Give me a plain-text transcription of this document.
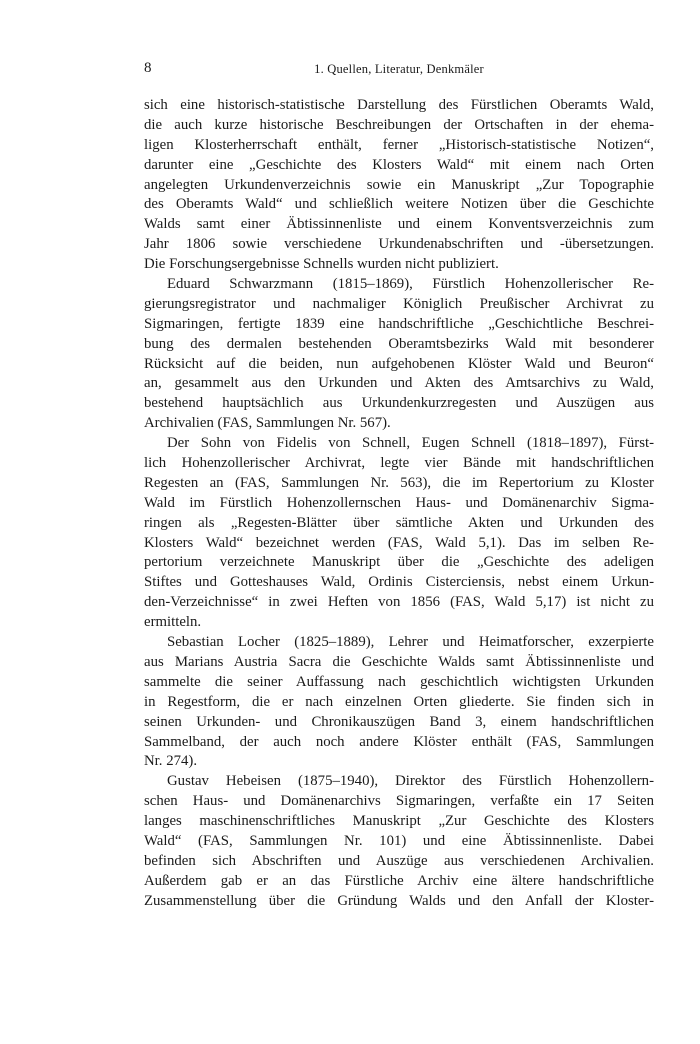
8	1. Quellen, Literatur, Denkmäler
sich eine historisch-statistische Darstellung des Fürstlichen Oberamts Wald,
die auch kurze historische Beschreibungen der Ortschaften in der ehema-
ligen Klosterherrschaft enthält, ferner „Historisch-statistische Notizen“,
darunter eine „Geschichte des Klosters Wald“ mit einem nach Orten
angelegten Urkundenverzeichnis sowie ein Manuskript „Zur Topographie
des Oberamts Wald“ und schließlich weitere Notizen über die Geschichte
Walds samt einer Äbtissinnenliste und einem Konventsverzeichnis zum
Jahr 1806 sowie verschiedene Urkundenabschriften und -übersetzungen.
Die Forschungsergebnisse Schnells wurden nicht publiziert.
Eduard Schwarzmann (1815–1869), Fürstlich Hohenzollerischer Re-
gierungsregistrator und nachmaliger Königlich Preußischer Archivrat zu
Sigmaringen, fertigte 1839 eine handschriftliche „Geschichtliche Beschrei-
bung des dermalen bestehenden Oberamtsbezirks Wald mit besonderer
Rücksicht auf die beiden, nun aufgehobenen Klöster Wald und Beuron“
an, gesammelt aus den Urkunden und Akten des Amtsarchivs zu Wald,
bestehend hauptsächlich aus Urkundenkurzregesten und Auszügen aus
Archivalien (FAS, Sammlungen Nr. 567).
Der Sohn von Fidelis von Schnell, Eugen Schnell (1818–1897), Fürst-
lich Hohenzollerischer Archivrat, legte vier Bände mit handschriftlichen
Regesten an (FAS, Sammlungen Nr. 563), die im Repertorium zu Kloster
Wald im Fürstlich Hohenzollernschen Haus- und Domänenarchiv Sigma-
ringen als „Regesten-Blätter über sämtliche Akten und Urkunden des
Klosters Wald“ bezeichnet werden (FAS, Wald 5,1). Das im selben Re-
pertorium verzeichnete Manuskript über die „Geschichte des adeligen
Stiftes und Gotteshauses Wald, Ordinis Cisterciensis, nebst einem Urkun-
den-Verzeichnisse“ in zwei Heften von 1856 (FAS, Wald 5,17) ist nicht zu
ermitteln.
Sebastian Locher (1825–1889), Lehrer und Heimatforscher, exzerpierte
aus Marians Austria Sacra die Geschichte Walds samt Äbtissinnenliste und
sammelte die seiner Auffassung nach geschichtlich wichtigsten Urkunden
in Regestform, die er nach einzelnen Orten gliederte. Sie finden sich in
seinen Urkunden- und Chronikauszügen Band 3, einem handschriftlichen
Sammelband, der auch noch andere Klöster enthält (FAS, Sammlungen
Nr. 274).
Gustav Hebeisen (1875–1940), Direktor des Fürstlich Hohenzollern-
schen Haus- und Domänenarchivs Sigmaringen, verfaßte ein 17 Seiten
langes maschinenschriftliches Manuskript „Zur Geschichte des Klosters
Wald“ (FAS, Sammlungen Nr. 101) und eine Äbtissinnenliste. Dabei
befinden sich Abschriften und Auszüge aus verschiedenen Archivalien.
Außerdem gab er an das Fürstliche Archiv eine ältere handschriftliche
Zusammenstellung über die Gründung Walds und den Anfall der Kloster-
